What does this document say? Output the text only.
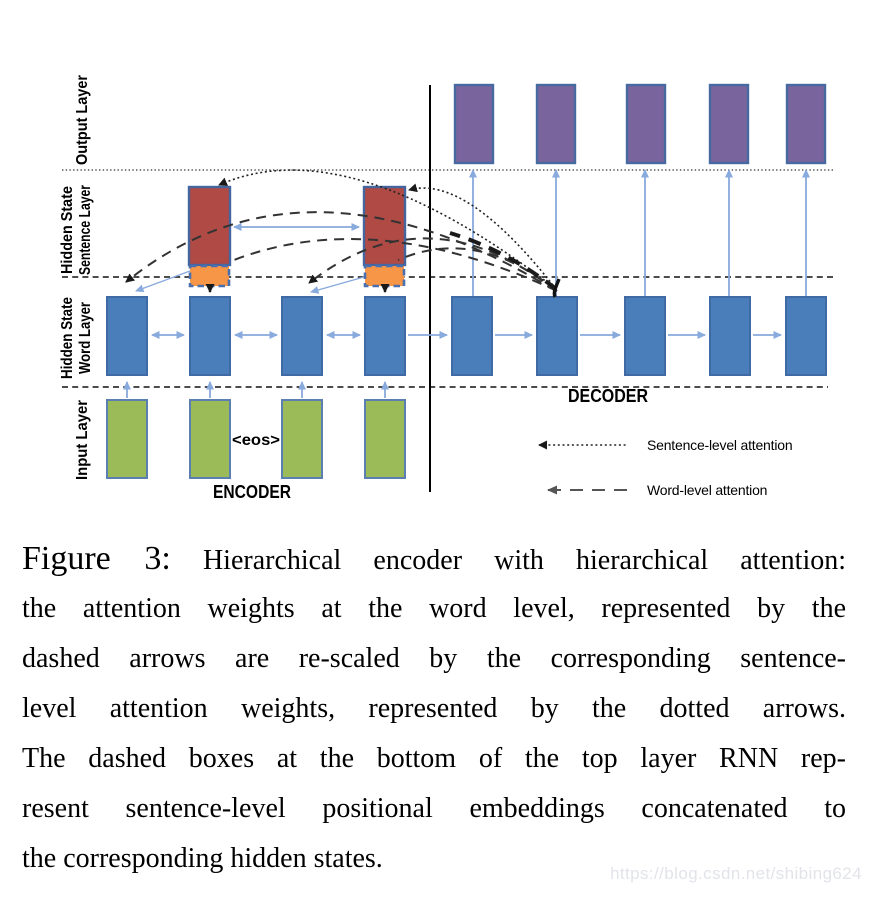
Output Layer
Hidden State Sentence Layer
Hidden State Word Layer
Input Layer	<eos>
ENCODER
DECODER
Sentence-level attention
Word-level attention
Figure 3: Hierarchical encoder with hierarchical attention:
the attention weights at the word level, represented by the
dashed arrows are re-scaled by the corresponding sentence-
level attention weights, represented by the dotted arrows.
The dashed boxes at the bottom of the top layer RNN rep-
resent sentence-level positional embeddings concatenated to
the corresponding hidden states.	https://blog.csdn.net/shibing624
